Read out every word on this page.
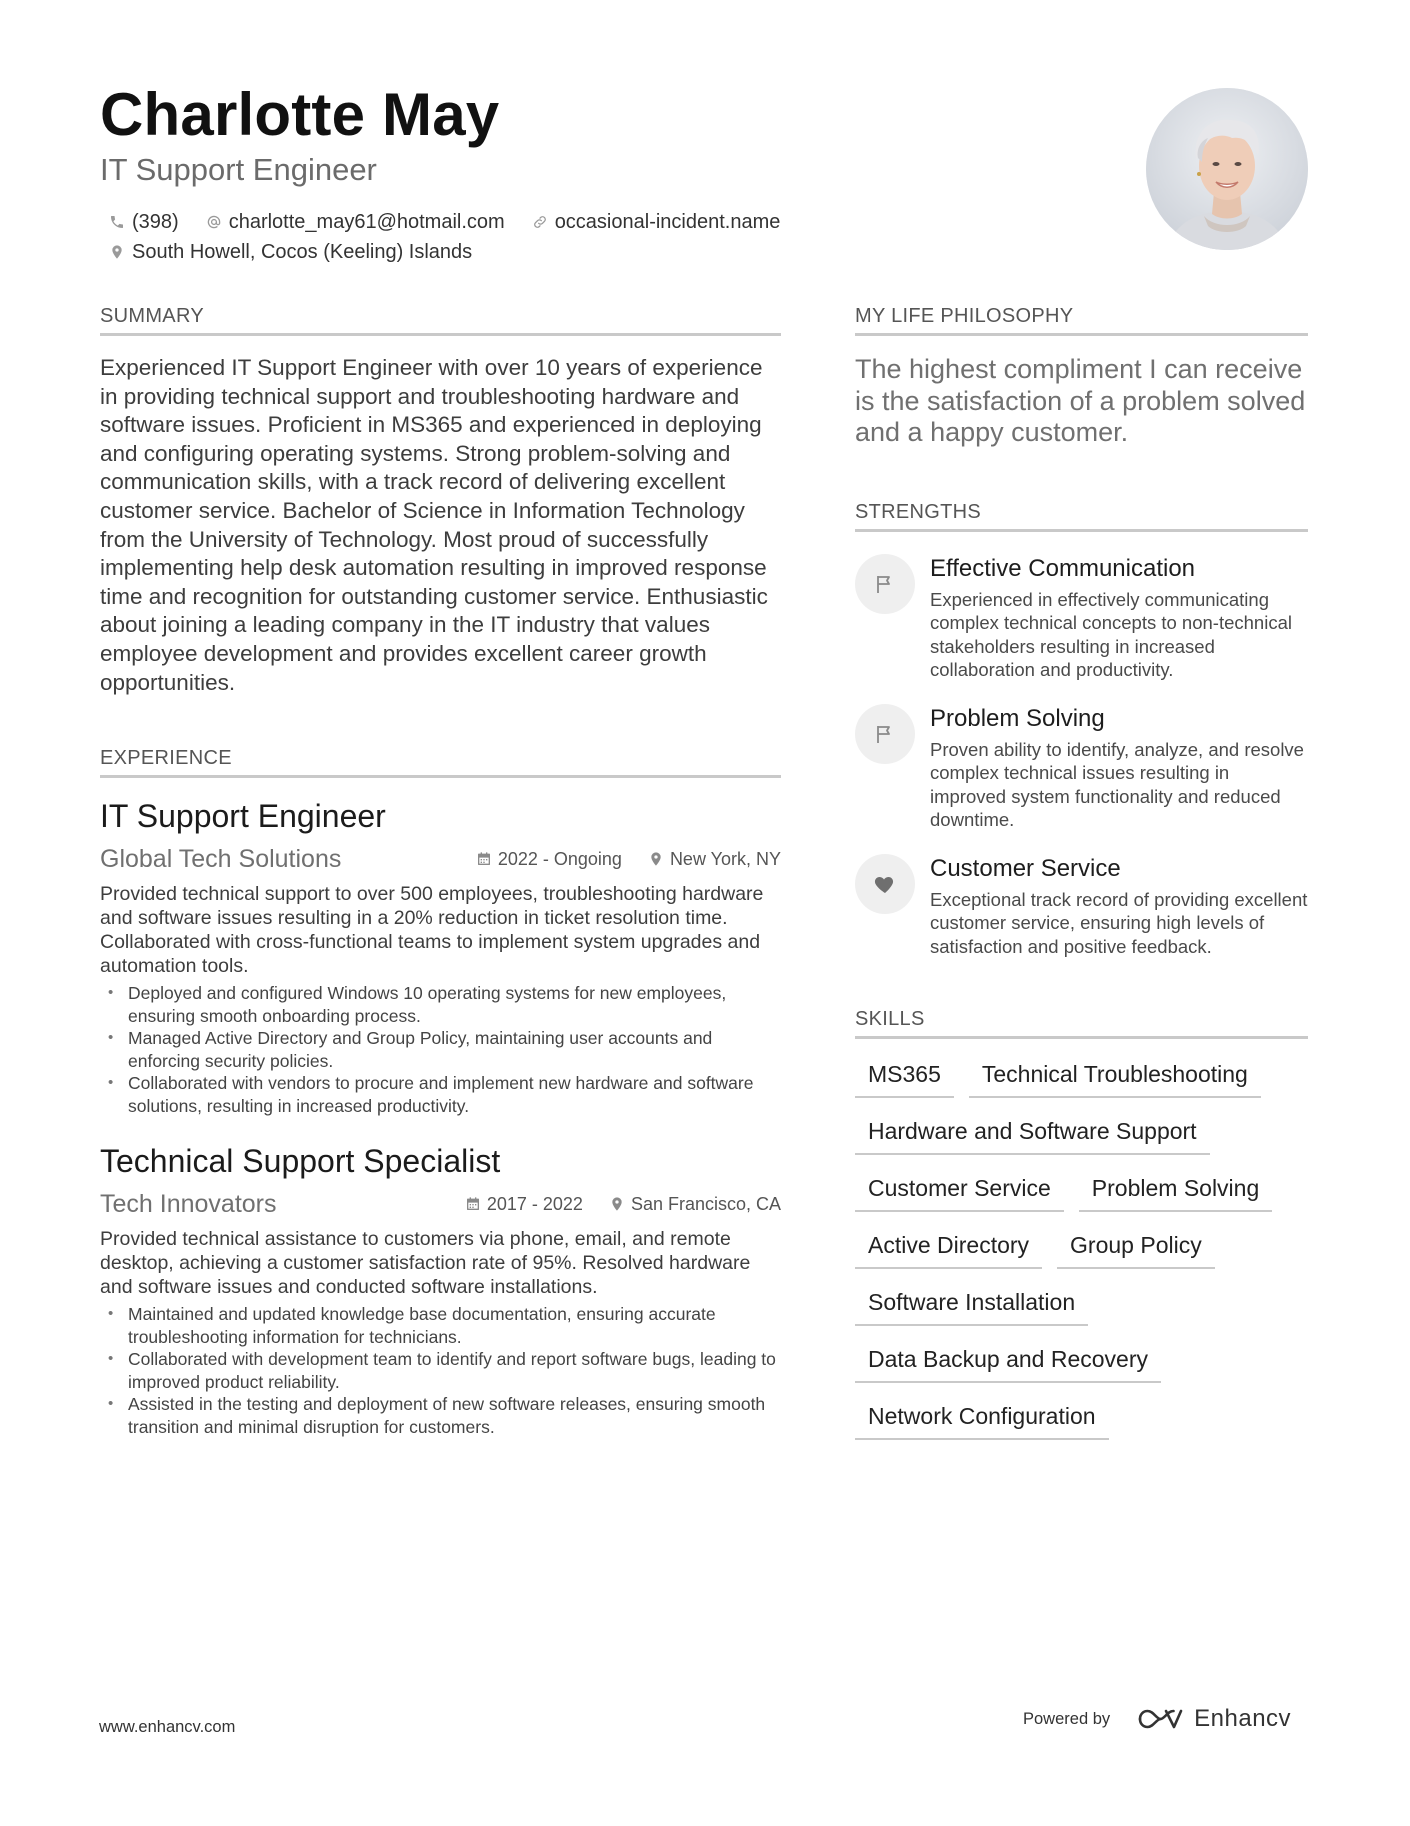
Charlotte May
IT Support Engineer
(398)	charlotte_may61@hotmail.com	occasional-incident.name
South Howell, Cocos (Keeling) Islands
SUMMARY
Experienced IT Support Engineer with over 10 years of experience in providing technical support and troubleshooting hardware and software issues. Proficient in MS365 and experienced in deploying and configuring operating systems. Strong problem-solving and communication skills, with a track record of delivering excellent customer service. Bachelor of Science in Information Technology from the University of Technology. Most proud of successfully implementing help desk automation resulting in improved response time and recognition for outstanding customer service. Enthusiastic about joining a leading company in the IT industry that values employee development and provides excellent career growth opportunities.
EXPERIENCE
IT Support Engineer
Global Tech Solutions	2022 - Ongoing	New York, NY
Provided technical support to over 500 employees, troubleshooting hardware and software issues resulting in a 20% reduction in ticket resolution time. Collaborated with cross-functional teams to implement system upgrades and automation tools.
• Deployed and configured Windows 10 operating systems for new employees, ensuring smooth onboarding process.
• Managed Active Directory and Group Policy, maintaining user accounts and enforcing security policies.
• Collaborated with vendors to procure and implement new hardware and software solutions, resulting in increased productivity.
Technical Support Specialist
Tech Innovators	2017 - 2022	San Francisco, CA
Provided technical assistance to customers via phone, email, and remote desktop, achieving a customer satisfaction rate of 95%. Resolved hardware and software issues and conducted software installations.
• Maintained and updated knowledge base documentation, ensuring accurate troubleshooting information for technicians.
• Collaborated with development team to identify and report software bugs, leading to improved product reliability.
• Assisted in the testing and deployment of new software releases, ensuring smooth transition and minimal disruption for customers.
MY LIFE PHILOSOPHY
The highest compliment I can receive is the satisfaction of a problem solved and a happy customer.
STRENGTHS
Effective Communication
Experienced in effectively communicating complex technical concepts to non-technical stakeholders resulting in increased collaboration and productivity.
Problem Solving
Proven ability to identify, analyze, and resolve complex technical issues resulting in improved system functionality and reduced downtime.
Customer Service
Exceptional track record of providing excellent customer service, ensuring high levels of satisfaction and positive feedback.
SKILLS
MS365	Technical Troubleshooting
Hardware and Software Support
Customer Service	Problem Solving
Active Directory	Group Policy
Software Installation
Data Backup and Recovery
Network Configuration
www.enhancv.com	Powered by	Enhancv
